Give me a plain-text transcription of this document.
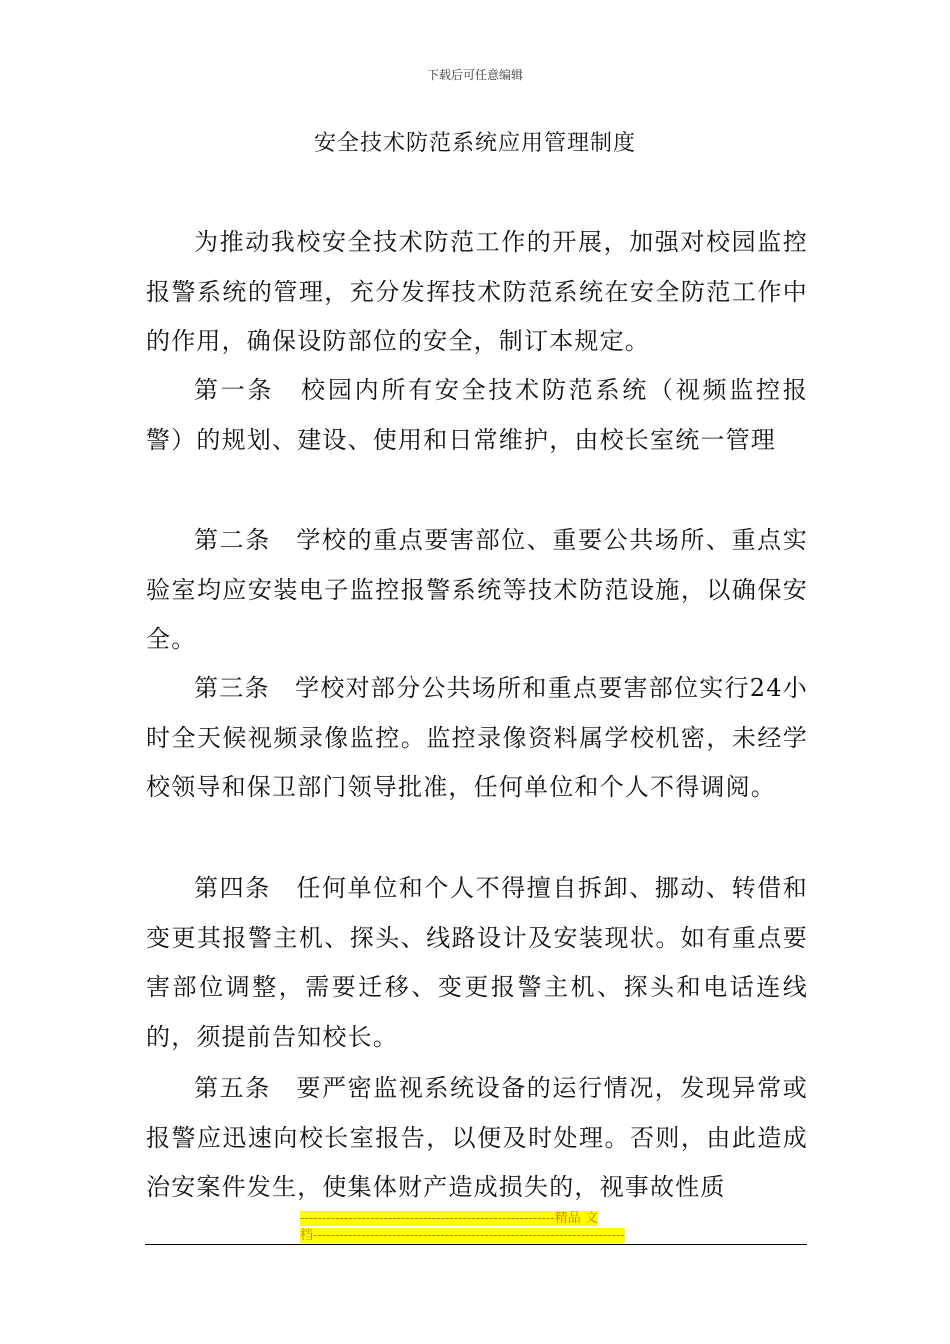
下载后可任意编辑
安全技术防范系统应用管理制度

为推动我校安全技术防范工作的开展，加强对校园监控报警系统的管理，充分发挥技术防范系统在安全防范工作中的作用，确保设防部位的安全，制订本规定。

第一条　校园内所有安全技术防范系统（视频监控报警）的规划、建设、使用和日常维护，由校长室统一管理

第二条　学校的重点要害部位、重要公共场所、重点实验室均应安装电子监控报警系统等技术防范设施，以确保安全。

第三条　学校对部分公共场所和重点要害部位实行24小时全天候视频录像监控。监控录像资料属学校机密，未经学校领导和保卫部门领导批准，任何单位和个人不得调阅。

第四条　任何单位和个人不得擅自拆卸、挪动、转借和变更其报警主机、探头、线路设计及安装现状。如有重点要害部位调整，需要迁移、变更报警主机、探头和电话连线的，须提前告知校长。

第五条　要严密监视系统设备的运行情况，发现异常或报警应迅速向校长室报告，以便及时处理。否则，由此造成治安案件发生，使集体财产造成损失的，视事故性质

----------------------------------------------------------精品 文
档-----------------------------------------------------------------------
